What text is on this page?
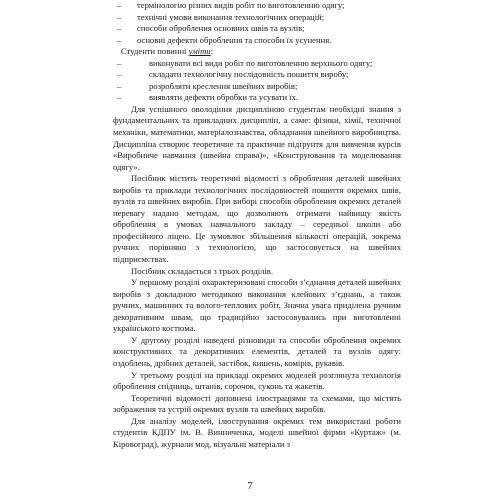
–	термінологію різних видів робіт по виготовленню одягу;
–	технічні умови виконання технологічних операцій;
–	способи обробления основних швів та вузлів;
–	основні дефекти оброблення та способи їх усунення.
Студенти повинні уміти:
–	виконувати всі види робіт по виготовленню верхнього одягу;
–	складати технологічну послідовність пошиття виробу;
–	розробляти креслення швейних виробів;
–	виявляти дефекти обробки та усувати їх.

Для успішного оволодіння дисципліною студентам необхідні знання з фундаментальних та прикладних дисциплін, а саме: фізики, хімії, технічної механіки, математики, матеріалознавства, обладнання швейного виробництва. Дисципліна створює теоретичне та практичне підґрунтя для вивчення курсів «Виробниче навчання (швейна справа)», «Конструювання та моделювання одягу».

Посібник містить теоретичні відомості з оброблення деталей швейних виробів та приклади технологічних послідовностей пошиття окремих швів, вузлів та швейних виробів. При виборі способів оброблення окремих деталей перевагу надано методам, що дозволяють отримати найвищу якість оброблення в умовах навчального закладу – середньої школи або професійного ліцею. Це зумовлює збільшення кількості операцій, зокрема ручних порівняно з технологією, що застосовується на швейних підприємствах.

Посібник складається з трьох розділів.

У першому розділі охарактеризовані способи з’єднання деталей швейних виробів з докладною методикою виконання клейових з’єднань, а також ручних, машинних та волого-теплових робіт. Значна увага приділена ручним декоративним швам, що традиційно застосовувались при виготовленні українського костюма.

У другому розділі наведені різновиди та способи оброблення окремих конструктивних та декоративних елементів, деталей та вузлів одягу: оздоблень, дрібних деталей, застібок, кишень, комірів, рукавів.

У третьому розділі на прикладі окремих моделей розглянута технологія оброблення спідниць, штанів, сорочок, суконь та жакетів.

Теоретичні відомості доповнені ілюстраціями та схемами, що містять зображення та устрій окремих вузлів та швейних виробів.

Для аналізу моделей, ілюстрування окремих тем використані роботи студентів КДПУ ім. В. Винниченка, моделі швейної фірми «Куртаж» (м. Кіровоград), журнали мод, візуальні матеріали з

7
